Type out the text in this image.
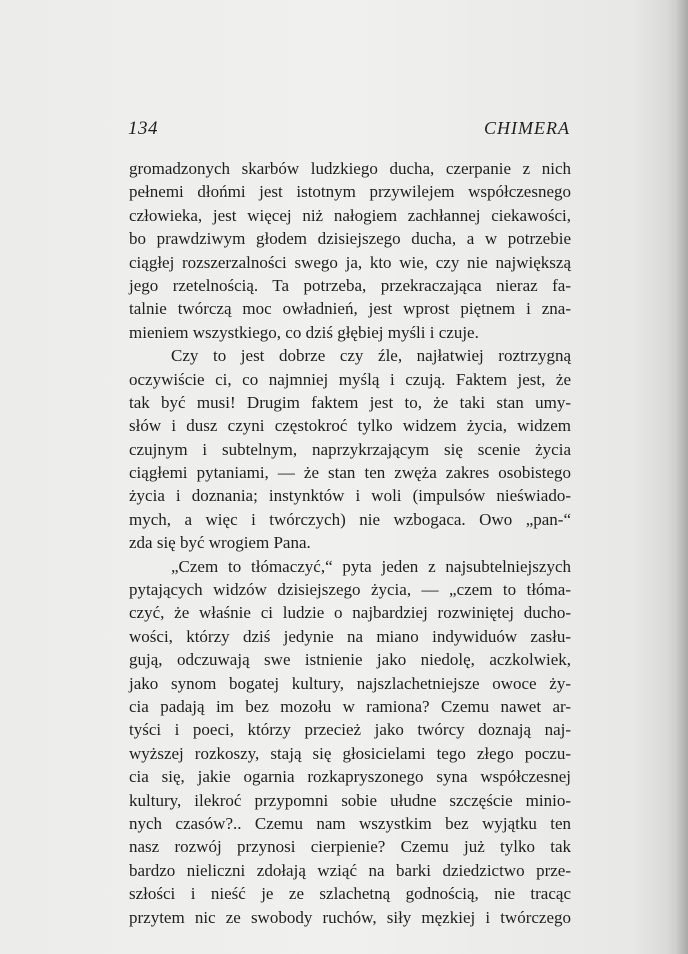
134	CHIMERA
gromadzonych skarbów ludzkiego ducha, czerpanie z nich
pełnemi dłońmi jest istotnym przywilejem współczesnego
człowieka, jest więcej niż nałogiem zachłannej ciekawości,
bo prawdziwym głodem dzisiejszego ducha, a w potrzebie
ciągłej rozszerzalności swego ja, kto wie, czy nie największą
jego rzetelnością. Ta potrzeba, przekraczająca nieraz fa-
talnie twórczą moc owładnień, jest wprost piętnem i zna-
mieniem wszystkiego, co dziś głębiej myśli i czuje.
Czy to jest dobrze czy źle, najłatwiej roztrzygną
oczywiście ci, co najmniej myślą i czują. Faktem jest, że
tak być musi! Drugim faktem jest to, że taki stan umy-
słów i dusz czyni częstokroć tylko widzem życia, widzem
czujnym i subtelnym, naprzykrzającym się scenie życia
ciągłemi pytaniami, — że stan ten zwęża zakres osobistego
życia i doznania; instynktów i woli (impulsów nieświado-
mych, a więc i twórczych) nie wzbogaca. Owo „pan-“
zda się być wrogiem Pana.
„Czem to tłómaczyć,“ pyta jeden z najsubtelniejszych
pytających widzów dzisiejszego życia, — „czem to tłóma-
czyć, że właśnie ci ludzie o najbardziej rozwiniętej ducho-
wości, którzy dziś jedynie na miano indywiduów zasłu-
gują, odczuwają swe istnienie jako niedolę, aczkolwiek,
jako synom bogatej kultury, najszlachetniejsze owoce ży-
cia padają im bez mozołu w ramiona? Czemu nawet ar-
tyści i poeci, którzy przecież jako twórcy doznają naj-
wyższej rozkoszy, stają się głosicielami tego złego poczu-
cia się, jakie ogarnia rozkapryszonego syna współczesnej
kultury, ilekroć przypomni sobie ułudne szczęście minio-
nych czasów?.. Czemu nam wszystkim bez wyjątku ten
nasz rozwój przynosi cierpienie? Czemu już tylko tak
bardzo nieliczni zdołają wziąć na barki dziedzictwo prze-
szłości i nieść je ze szlachetną godnością, nie tracąc
przytem nic ze swobody ruchów, siły męzkiej i twórczego
